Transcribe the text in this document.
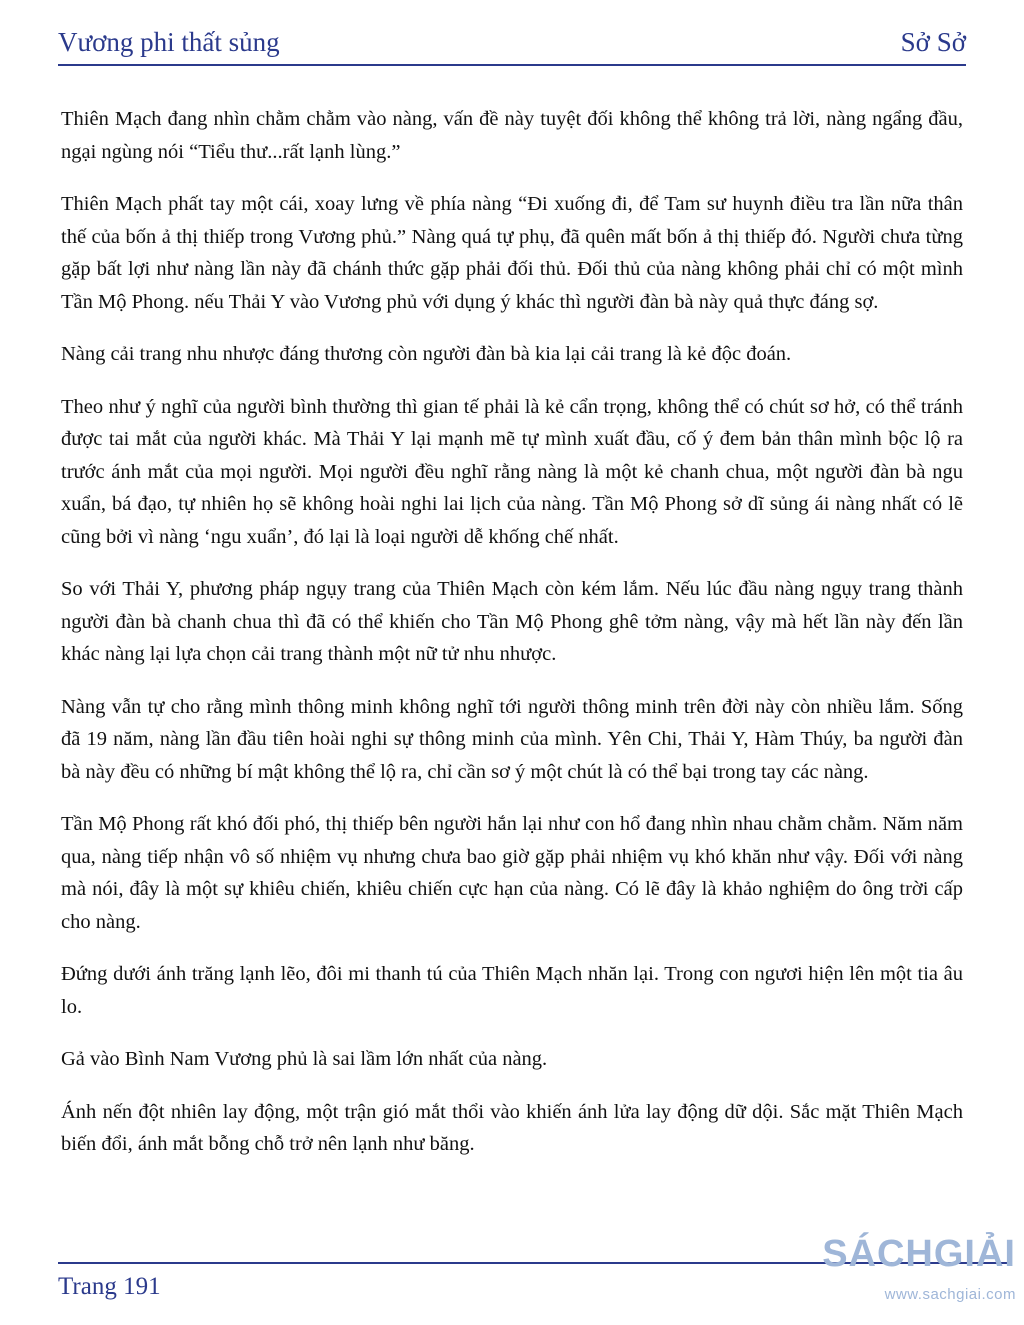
Vương phi thất sủng	Sở Sở

Thiên Mạch đang nhìn chằm chằm vào nàng, vấn đề này tuyệt đối không thể không trả lời, nàng ngẩng đầu, ngại ngùng nói “Tiểu thư...rất lạnh lùng.”

Thiên Mạch phất tay một cái, xoay lưng về phía nàng “Đi xuống đi, để Tam sư huynh điều tra lần nữa thân thế của bốn ả thị thiếp trong Vương phủ.” Nàng quá tự phụ, đã quên mất bốn ả thị thiếp đó. Người chưa từng gặp bất lợi như nàng lần này đã chánh thức gặp phải đối thủ. Đối thủ của nàng không phải chỉ có một mình Tần Mộ Phong. nếu Thải Y vào Vương phủ với dụng ý khác thì người đàn bà này quả thực đáng sợ.

Nàng cải trang nhu nhược đáng thương còn người đàn bà kia lại cải trang là kẻ độc đoán.

Theo như ý nghĩ của người bình thường thì gian tế phải là kẻ cẩn trọng, không thể có chút sơ hở, có thể tránh được tai mắt của người khác. Mà Thải Y lại mạnh mẽ tự mình xuất đầu, cố ý đem bản thân mình bộc lộ ra trước ánh mắt của mọi người. Mọi người đều nghĩ rằng nàng là một kẻ chanh chua, một người đàn bà ngu xuẩn, bá đạo, tự nhiên họ sẽ không hoài nghi lai lịch của nàng. Tần Mộ Phong sở dĩ sủng ái nàng nhất có lẽ cũng bởi vì nàng ‘ngu xuẩn’, đó lại là loại người dễ khống chế nhất.

So với Thải Y, phương pháp ngụy trang của Thiên Mạch còn kém lắm. Nếu lúc đầu nàng ngụy trang thành người đàn bà chanh chua thì đã có thể khiến cho Tần Mộ Phong ghê tởm nàng, vậy mà hết lần này đến lần khác nàng lại lựa chọn cải trang thành một nữ tử nhu nhược.

Nàng vẫn tự cho rằng mình thông minh không nghĩ tới người thông minh trên đời này còn nhiều lắm. Sống đã 19 năm, nàng lần đầu tiên hoài nghi sự thông minh của mình. Yên Chi, Thải Y, Hàm Thúy, ba người đàn bà này đều có những bí mật không thể lộ ra, chỉ cần sơ ý một chút là có thể bại trong tay các nàng.

Tần Mộ Phong rất khó đối phó, thị thiếp bên người hắn lại như con hổ đang nhìn nhau chằm chằm. Năm năm qua, nàng tiếp nhận vô số nhiệm vụ nhưng chưa bao giờ gặp phải nhiệm vụ khó khăn như vậy. Đối với nàng mà nói, đây là một sự khiêu chiến, khiêu chiến cực hạn của nàng. Có lẽ đây là khảo nghiệm do ông trời cấp cho nàng.

Đứng dưới ánh trăng lạnh lẽo, đôi mi thanh tú của Thiên Mạch nhăn lại. Trong con ngươi hiện lên một tia âu lo.

Gả vào Bình Nam Vương phủ là sai lầm lớn nhất của nàng.

Ánh nến đột nhiên lay động, một trận gió mắt thổi vào khiến ánh lửa lay động dữ dội. Sắc mặt Thiên Mạch biến đổi, ánh mắt bỗng chỗ trở nên lạnh như băng.

Trang 191
SÁCHGIẢI
www.sachgiai.com
